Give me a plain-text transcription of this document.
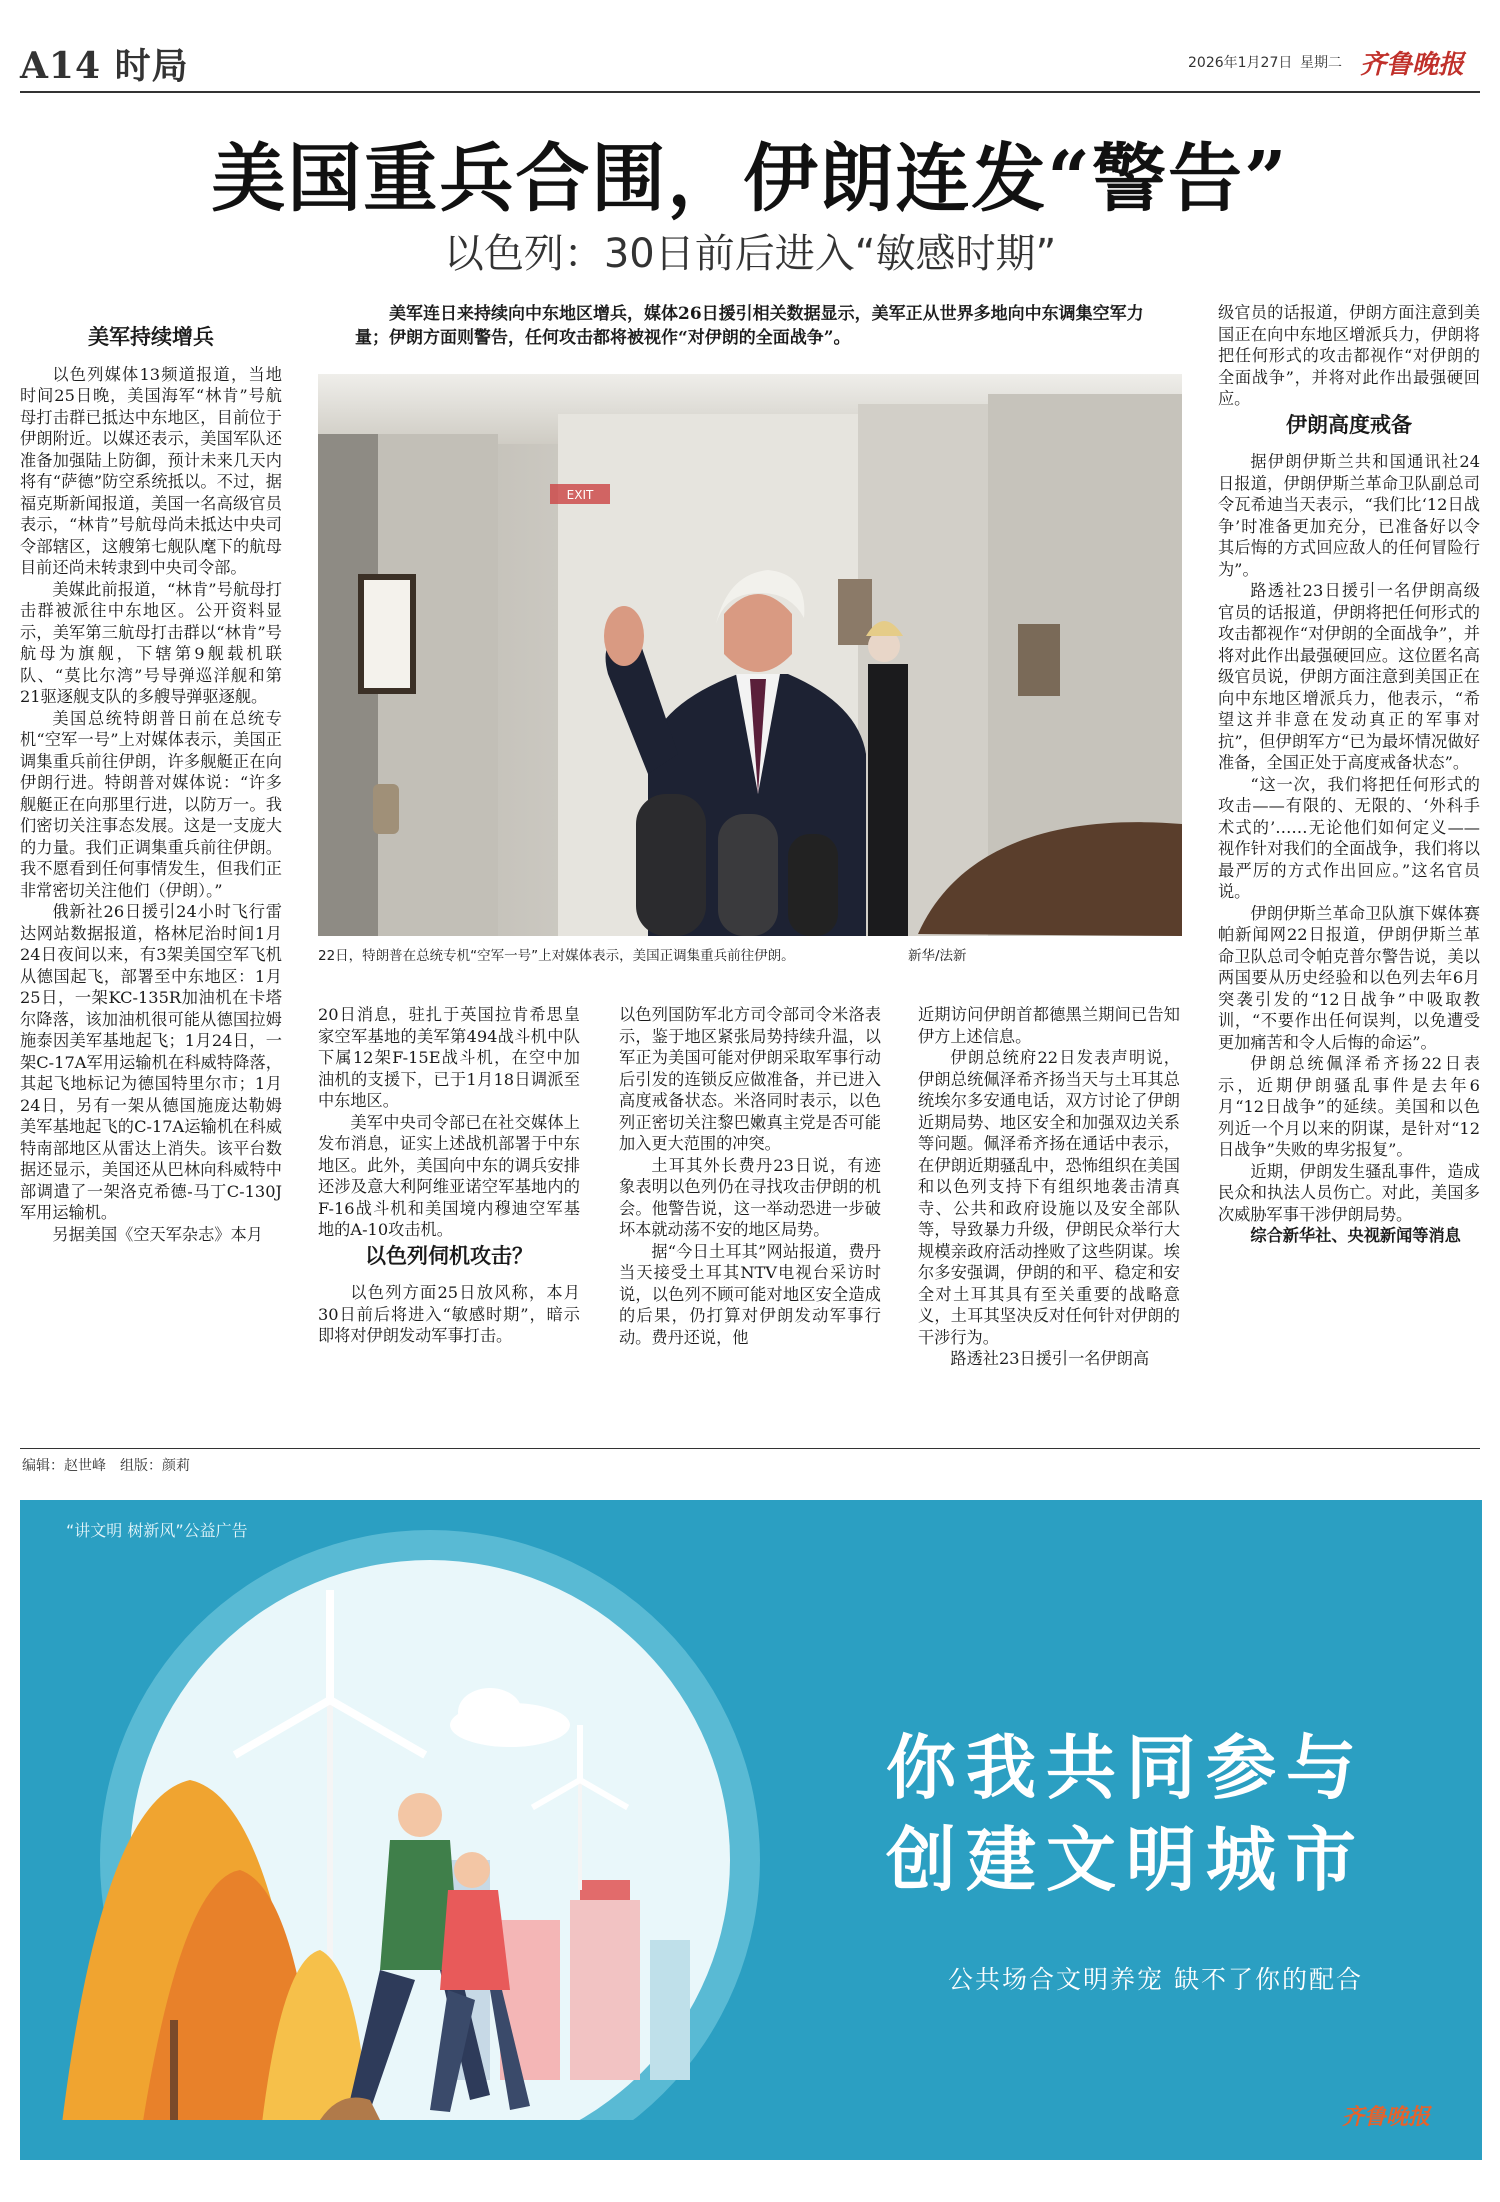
A14 时局	2026年1月27日 星期二 齐鲁晚报
美国重兵合围，伊朗连发“警告”
以色列：30日前后进入“敏感时期”
美军持续增兵

以色列媒体13频道报道，当地时间25日晚，美国海军“林肯”号航母打击群已抵达中东地区，目前位于伊朗附近。以媒还表示，美国军队还准备加强陆上防御，预计未来几天内将有“萨德”防空系统抵以。不过，据福克斯新闻报道，美国一名高级官员表示，“林肯”号航母尚未抵达中央司令部辖区，这艘第七舰队麾下的航母目前还尚未转隶到中央司令部。

美媒此前报道，“林肯”号航母打击群被派往中东地区。公开资料显示，美军第三航母打击群以“林肯”号航母为旗舰，下辖第9舰载机联队、“莫比尔湾”号导弹巡洋舰和第21驱逐舰支队的多艘导弹驱逐舰。

美国总统特朗普日前在总统专机“空军一号”上对媒体表示，美国正调集重兵前往伊朗，许多舰艇正在向伊朗行进。特朗普对媒体说：“许多舰艇正在向那里行进，以防万一。我们密切关注事态发展。这是一支庞大的力量。我们正调集重兵前往伊朗。我不愿看到任何事情发生，但我们正非常密切关注他们（伊朗）。”

俄新社26日援引24小时飞行雷达网站数据报道，格林尼治时间1月24日夜间以来，有3架美国空军飞机从德国起飞，部署至中东地区：1月25日，一架KC-135R加油机在卡塔尔降落，该加油机很可能从德国拉姆施泰因美军基地起飞；1月24日，一架C-17A军用运输机在科威特降落，其起飞地标记为德国特里尔市；1月24日，另有一架从德国施庞达勒姆美军基地起飞的C-17A运输机在科威特南部地区从雷达上消失。该平台数据还显示，美国还从巴林向科威特中部调遣了一架洛克希德-马丁C-130J军用运输机。

另据美国《空天军杂志》本月

美军连日来持续向中东地区增兵，媒体26日援引相关数据显示，美军正从世界多地向中东调集空军力量；伊朗方面则警告，任何攻击都将被视作“对伊朗的全面战争”。
EXIT
22日，特朗普在总统专机“空军一号”上对媒体表示，美国正调集重兵前往伊朗。	新华/法新

20日消息，驻扎于英国拉肯希思皇家空军基地的美军第494战斗机中队下属12架F-15E战斗机，在空中加油机的支援下，已于1月18日调派至中东地区。

美军中央司令部已在社交媒体上发布消息，证实上述战机部署于中东地区。此外，美国向中东的调兵安排还涉及意大利阿维亚诺空军基地内的F-16战斗机和美国境内穆迪空军基地的A-10攻击机。

以色列伺机攻击？

以色列方面25日放风称，本月30日前后将进入“敏感时期”，暗示即将对伊朗发动军事打击。

以色列国防军北方司令部司令米洛表示，鉴于地区紧张局势持续升温，以军正为美国可能对伊朗采取军事行动后引发的连锁反应做准备，并已进入高度戒备状态。米洛同时表示，以色列正密切关注黎巴嫩真主党是否可能加入更大范围的冲突。

土耳其外长费丹23日说，有迹象表明以色列仍在寻找攻击伊朗的机会。他警告说，这一举动恐进一步破坏本就动荡不安的地区局势。

据“今日土耳其”网站报道，费丹当天接受土耳其NTV电视台采访时说，以色列不顾可能对地区安全造成的后果，仍打算对伊朗发动军事行动。费丹还说，他

近期访问伊朗首都德黑兰期间已告知伊方上述信息。

伊朗总统府22日发表声明说，伊朗总统佩泽希齐扬当天与土耳其总统埃尔多安通电话，双方讨论了伊朗近期局势、地区安全和加强双边关系等问题。佩泽希齐扬在通话中表示，在伊朗近期骚乱中，恐怖组织在美国和以色列支持下有组织地袭击清真寺、公共和政府设施以及安全部队等，导致暴力升级，伊朗民众举行大规模亲政府活动挫败了这些阴谋。埃尔多安强调，伊朗的和平、稳定和安全对土耳其具有至关重要的战略意义，土耳其坚决反对任何针对伊朗的干涉行为。

路透社23日援引一名伊朗高

级官员的话报道，伊朗方面注意到美国正在向中东地区增派兵力，伊朗将把任何形式的攻击都视作“对伊朗的全面战争”，并将对此作出最强硬回应。

伊朗高度戒备

据伊朗伊斯兰共和国通讯社24日报道，伊朗伊斯兰革命卫队副总司令瓦希迪当天表示，“我们比‘12日战争’时准备更加充分，已准备好以令其后悔的方式回应敌人的任何冒险行为”。

路透社23日援引一名伊朗高级官员的话报道，伊朗将把任何形式的攻击都视作“对伊朗的全面战争”，并将对此作出最强硬回应。这位匿名高级官员说，伊朗方面注意到美国正在向中东地区增派兵力，他表示，“希望这并非意在发动真正的军事对抗”，但伊朗军方“已为最坏情况做好准备，全国正处于高度戒备状态”。

“这一次，我们将把任何形式的攻击——有限的、无限的、‘外科手术式的’……无论他们如何定义——视作针对我们的全面战争，我们将以最严厉的方式作出回应。”这名官员说。

伊朗伊斯兰革命卫队旗下媒体赛帕新闻网22日报道，伊朗伊斯兰革命卫队总司令帕克普尔警告说，美以两国要从历史经验和以色列去年6月突袭引发的“12日战争”中吸取教训，“不要作出任何误判，以免遭受更加痛苦和令人后悔的命运”。

伊朗总统佩泽希齐扬22日表示，近期伊朗骚乱事件是去年6月“12日战争”的延续。美国和以色列近一个月以来的阴谋，是针对“12日战争”失败的卑劣报复”。

近期，伊朗发生骚乱事件，造成民众和执法人员伤亡。对此，美国多次威胁军事干涉伊朗局势。

综合新华社、央视新闻等消息

编辑：赵世峰　组版：颜莉
“讲文明 树新风”公益广告
你我共同参与
创建文明城市
公共场合文明养宠 缺不了你的配合
齐鲁晚报
